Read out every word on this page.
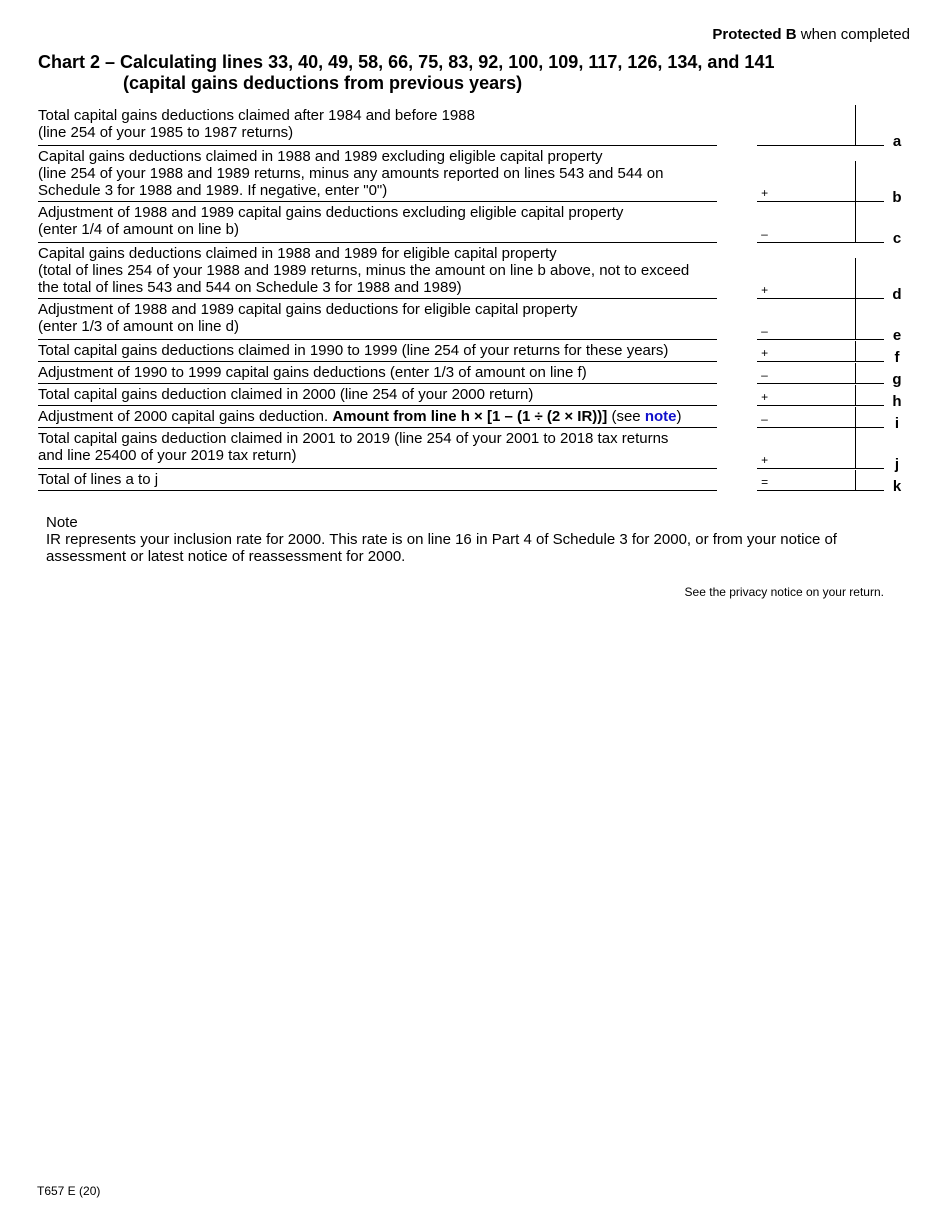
Protected B when completed
Chart 2 – Calculating lines 33, 40, 49, 58, 66, 75, 83, 92, 100, 109, 117, 126, 134, and 141
(capital gains deductions from previous years)
Total capital gains deductions claimed after 1984 and before 1988
(line 254 of your 1985 to 1987 returns)
a
Capital gains deductions claimed in 1988 and 1989 excluding eligible capital property
(line 254 of your 1988 and 1989 returns, minus any amounts reported on lines 543 and 544 on
Schedule 3 for 1988 and 1989. If negative, enter "0")	+	b
Adjustment of 1988 and 1989 capital gains deductions excluding eligible capital property
(enter 1/4 of amount on line b)	–	c
Capital gains deductions claimed in 1988 and 1989 for eligible capital property
(total of lines 254 of your 1988 and 1989 returns, minus the amount on line b above, not to exceed
the total of lines 543 and 544 on Schedule 3 for 1988 and 1989)	+	d
Adjustment of 1988 and 1989 capital gains deductions for eligible capital property
(enter 1/3 of amount on line d)	–	e
Total capital gains deductions claimed in 1990 to 1999 (line 254 of your returns for these years)	+	f
Adjustment of 1990 to 1999 capital gains deductions (enter 1/3 of amount on line f)	–	g
Total capital gains deduction claimed in 2000 (line 254 of your 2000 return)	+	h
Adjustment of 2000 capital gains deduction. Amount from line h × [1 – (1 ÷ (2 × IR))] (see note)	–	i
Total capital gains deduction claimed in 2001 to 2019 (line 254 of your 2001 to 2018 tax returns
and line 25400 of your 2019 tax return)	+	j
Total of lines a to j	=	k
Note
IR represents your inclusion rate for 2000. This rate is on line 16 in Part 4 of Schedule 3 for 2000, or from your notice of assessment or latest notice of reassessment for 2000.
See the privacy notice on your return.
T657 E (20)
